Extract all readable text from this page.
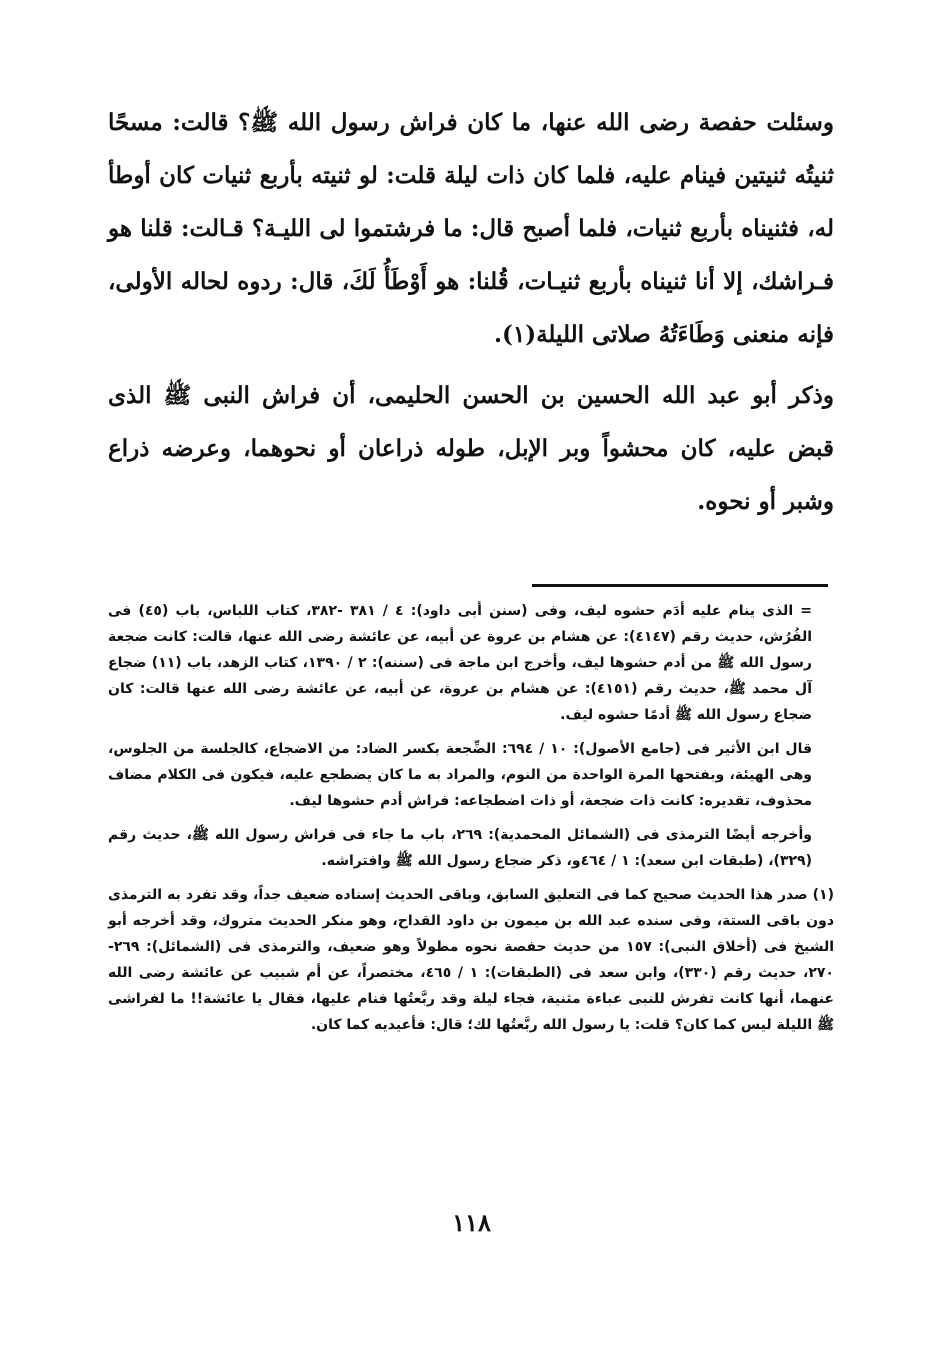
وسئلت حفصة رضى الله عنها، ما كان فراش رسول الله ﷺ؟ قالت: مسحًا ثنيتُه ثنيتين فينام عليه، فلما كان ذات ليلة قلت: لو ثنيته بأربع ثنيات كان أوطأ له، فثنيناه بأربع ثنيات، فلما أصبح قال: ما فرشتموا لى الليـة؟ قـالت: قلنا هو فـراشك، إلا أنا ثنيناه بأربع ثنيـات، قُلنا: هو أَوْطَأُ لَكَ، قال: ردوه لحاله الأولى، فإنه منعنى وَطَاءَتُهُ صلاتى الليلة(١).

وذكر أبو عبد الله الحسين بن الحسن الحليمى، أن فراش النبى ﷺ الذى قبض عليه، كان محشواً وبر الإبل، طوله ذراعان أو نحوهما، وعرضه ذراع وشبر أو نحوه.

= الذى ينام عليه أدَم حشوه ليف، وفى (سنن أبى داود): ٤ / ٣٨١ -٣٨٢، كتاب اللباس، باب (٤٥) فى الفُرُش، حديث رقم (٤١٤٧): عن هشام بن عروة عن أبيه، عن عائشة رضى الله عنها، قالت: كانت ضجعة رسول الله ﷺ من أدم حشوها ليف، وأخرج ابن ماجة فى (سننه): ٢ / ١٣٩٠، كتاب الزهد، باب (١١) ضجاع آل محمد ﷺ، حديث رقم (٤١٥١): عن هشام بن عروة، عن أبيه، عن عائشة رضى الله عنها قالت: كان ضجاع رسول الله ﷺ أدمًا حشوه ليف.

قال ابن الأثير فى (جامع الأصول): ١٠ / ٦٩٤: الضِّجعة بكسر الضاد: من الاضجاع، كالجلسة من الجلوس، وهى الهيئة، وبفتحها المرة الواحدة من النوم، والمراد به ما كان يضطجع عليه، فيكون فى الكلام مضاف محذوف، تقديره: كانت ذات ضجعة، أو ذات اضطجاعه: فراش أدم حشوها ليف.

وأخرجه أيضًا الترمذى فى (الشمائل المحمدية): ٢٦٩، باب ما جاء فى فراش رسول الله ﷺ، حديث رقم (٣٢٩)، (طبقات ابن سعد): ١ / ٤٦٤و، ذكر ضجاع رسول الله ﷺ وافتراشه.

(١) صدر هذا الحديث صحيح كما فى التعليق السابق، وباقى الحديث إسناده ضعيف جداً، وقد تفرد به الترمذى دون باقى الستة، وفى سنده عبد الله بن ميمون بن داود القداح، وهو منكر الحديث متروك، وقد أخرجه أبو الشيخ فى (أخلاق النبى): ١٥٧ من حديث حفصة نحوه مطولاً وهو ضعيف، والترمذى فى (الشمائل): ٢٦٩- ٢٧٠، حديث رقم (٣٣٠)، وابن سعد فى (الطبقات): ١ / ٤٦٥، مختصراً، عن أم شبيب عن عائشة رضى الله عنهما، أنها كانت تفرش للنبى عباءة مثنية، فجاء ليلة وقد ربَّعتُها فنام عليها، فقال يا عائشة!! ما لفراشى ﷺ الليلة ليس كما كان؟ قلت: يا رسول الله ربَّعتُها لك؛ قال: فأعيديه كما كان.

١١٨
